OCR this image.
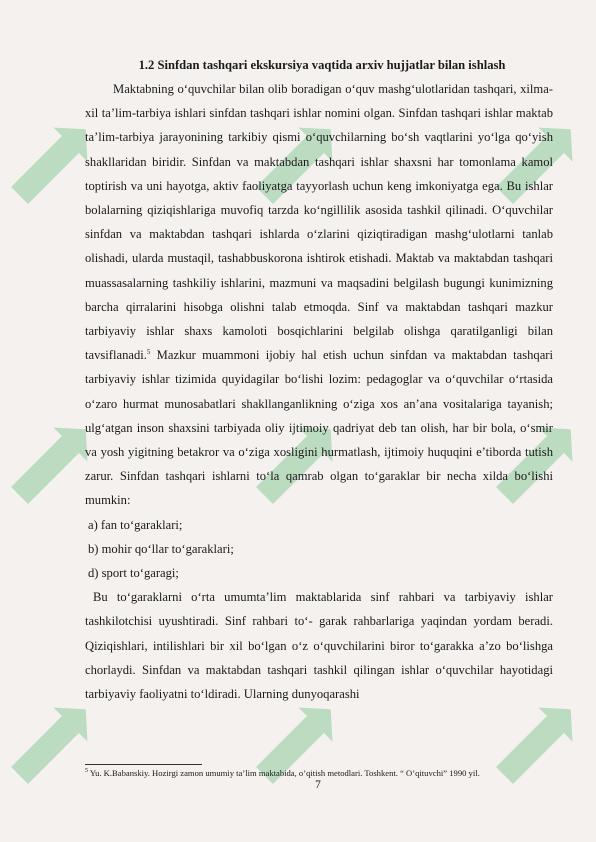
1.2 Sinfdan tashqari ekskursiya vaqtida arxiv hujjatlar bilan ishlash

Maktabning o‘quvchilar bilan olib boradigan o‘quv mashg‘ulotlaridan tashqari, xilma-xil ta’lim-tarbiya ishlari sinfdan tashqari ishlar nomini olgan. Sinfdan tashqari ishlar maktab ta’lim-tarbiya jarayonining tarkibiy qismi o‘quvchilarning bo‘sh vaqtlarini yo‘lga qo‘yish shakllaridan biridir. Sinfdan va maktabdan tashqari ishlar shaxsni har tomonlama kamol toptirish va uni hayotga, aktiv faoliyatga tayyorlash uchun keng imkoniyatga ega. Bu ishlar bolalarning qiziqishlariga muvofiq tarzda ko‘ngillilik asosida tashkil qilinadi. O‘quvchilar sinfdan va maktabdan tashqari ishlarda o‘zlarini qiziqtiradigan mashg‘ulotlarni tanlab olishadi, ularda mustaqil, tashabbuskorona ishtirok etishadi. Maktab va maktabdan tashqari muassasalarning tashkiliy ishlarini, mazmuni va maqsadini belgilash bugungi kunimizning barcha qirralarini hisobga olishni talab etmoqda. Sinf va maktabdan tashqari mazkur tarbiyaviy ishlar shaxs kamoloti bosqichlarini belgilab olishga qaratilganligi bilan tavsiflanadi.$^5$ Mazkur muammoni ijobiy hal etish uchun sinfdan va maktabdan tashqari tarbiyaviy ishlar tizimida quyidagilar bo‘lishi lozim: pedagoglar va o‘quvchilar o‘rtasida o‘zaro hurmat munosabatlari shakllanganlikning o‘ziga xos an’ana vositalariga tayanish; ulg‘atgan inson shaxsini tarbiyada oliy ijtimoiy qadriyat deb tan olish, har bir bola, o‘smir va yosh yigitning betakror va o‘ziga xosligini hurmatlash, ijtimoiy huquqini e’tiborda tutish zarur. Sinfdan tashqari ishlarni to‘la qamrab olgan to‘garaklar bir necha xilda bo‘lishi mumkin:

a) fan to‘garaklari;
b) mohir qo‘llar to‘garaklari;
d) sport to‘garagi;

Bu to‘garaklarni o‘rta umumta’lim maktablarida sinf rahbari va tarbiyaviy ishlar tashkilotchisi uyushtiradi. Sinf rahbari to‘- garak rahbarlariga yaqindan yordam beradi. Qiziqishlari, intilishlari bir xil bo‘lgan o‘z o‘quvchilarini biror to‘garakka a’zo bo‘lishga chorlaydi. Sinfdan va maktabdan tashqari tashkil qilingan ishlar o‘quvchilar hayotidagi tarbiyaviy faoliyatni to‘ldiradi. Ularning dunyoqarashi

$^5$ Yu. K.Babanskiy. Hozirgi zamon umumiy ta’lim maktabida, o’qitish metodlari. Toshkent. “ O’qituvchi” 1990 yil.
7
